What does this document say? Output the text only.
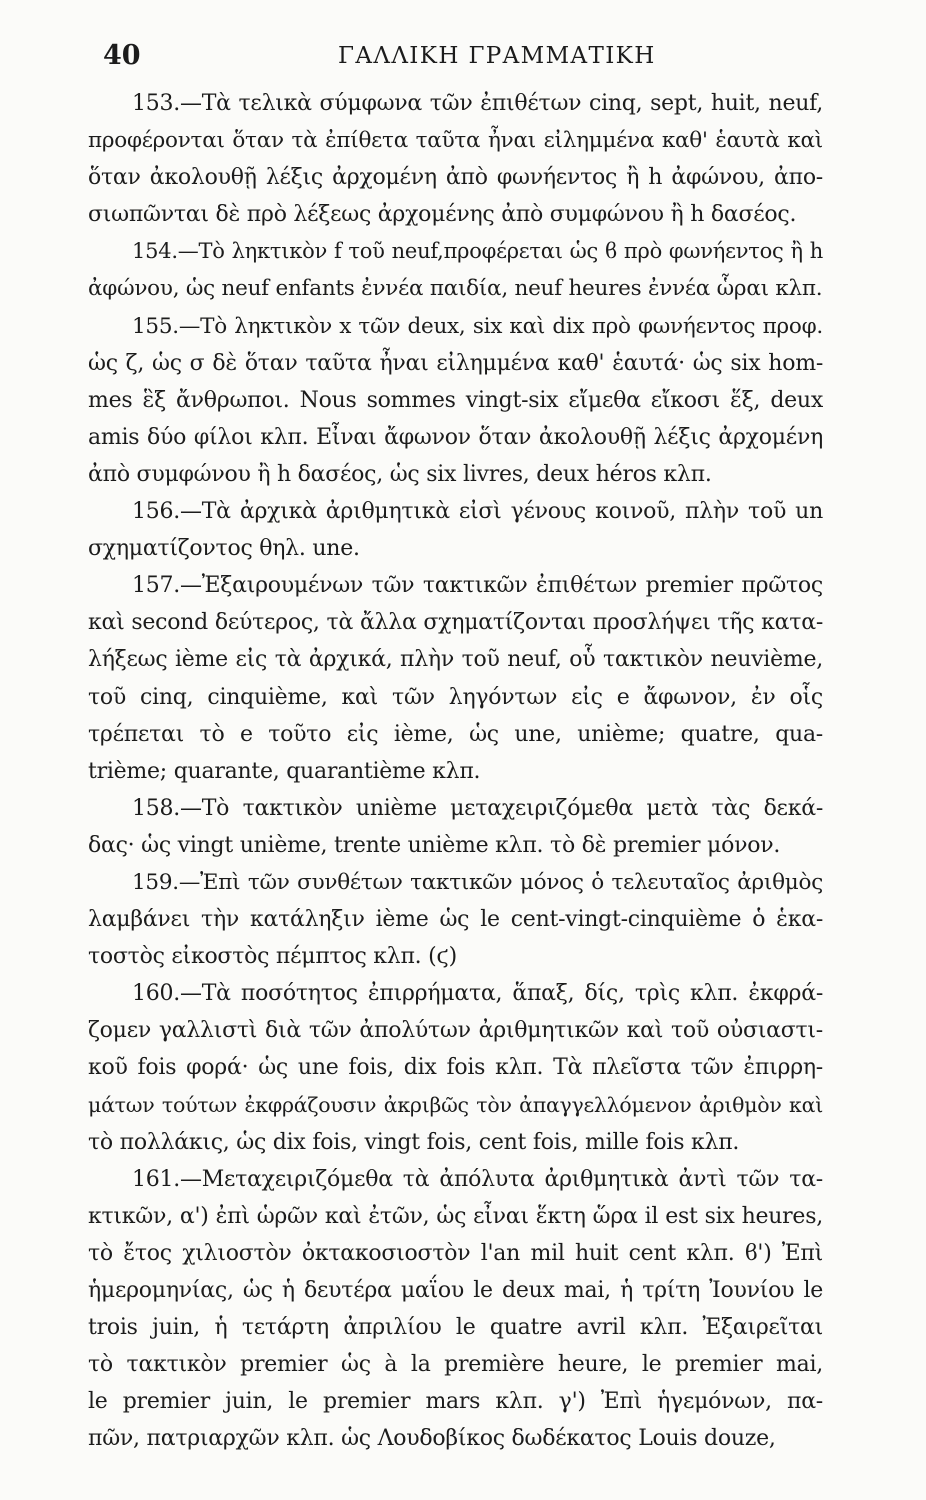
40	ΓΑΛΛΙΚΗ ΓΡΑΜΜΑΤΙΚΗ
153.—Τὰ τελικὰ σύμφωνα τῶν ἐπιθέτων cinq, sept, huit, neuf,
προφέρονται ὅταν τὰ ἐπίθετα ταῦτα ἦναι εἰλημμένα καθ' ἑαυτὰ καὶ
ὅταν ἀκολουθῇ λέξις ἀρχομένη ἀπὸ φωνήεντος ἢ h ἀφώνου, ἀπο-
σιωπῶνται δὲ πρὸ λέξεως ἀρχομένης ἀπὸ συμφώνου ἢ h δασέος.
154.—Τὸ ληκτικὸν f τοῦ neuf,προφέρεται ὡς ϐ πρὸ φωνήεντος ἢ h
ἀφώνου, ὡς neuf enfants ἐννέα παιδία, neuf heures ἐννέα ὧραι κλπ.
155.—Τὸ ληκτικὸν x τῶν deux, six καὶ dix πρὸ φωνήεντος προφ.
ὡς ζ, ὡς σ δὲ ὅταν ταῦτα ἦναι εἰλημμένα καθ' ἑαυτά· ὡς six hom-
mes ἓξ ἄνθρωποι. Nous sommes vingt-six εἴμεθα εἴκοσι ἕξ, deux
amis δύο φίλοι κλπ. Εἶναι ἄφωνον ὅταν ἀκολουθῇ λέξις ἀρχομένη
ἀπὸ συμφώνου ἢ h δασέος, ὡς six livres, deux héros κλπ.
156.—Τὰ ἀρχικὰ ἀριθμητικὰ εἰσὶ γένους κοινοῦ, πλὴν τοῦ un
σχηματίζοντος θηλ. une.
157.—Ἐξαιρουμένων τῶν τακτικῶν ἐπιθέτων premier πρῶτος
καὶ second δεύτερος, τὰ ἄλλα σχηματίζονται προσλήψει τῆς κατα-
λήξεως ième εἰς τὰ ἀρχικά, πλὴν τοῦ neuf, οὗ τακτικὸν neuvième,
τοῦ cinq, cinquième, καὶ τῶν ληγόντων εἰς e ἄφωνον, ἐν οἷς
τρέπεται τὸ e τοῦτο εἰς ième, ὡς une, unième; quatre, qua-
trième; quarante, quarantième κλπ.
158.—Τὸ τακτικὸν unième μεταχειριζόμεθα μετὰ τὰς δεκά-
δας· ὡς vingt unième, trente unième κλπ. τὸ δὲ premier μόνον.
159.—Ἐπὶ τῶν συνθέτων τακτικῶν μόνος ὁ τελευταῖος ἀριθμὸς
λαμβάνει τὴν κατάληξιν ième ὡς le cent-vingt-cinquième ὁ ἑκα-
τοστὸς εἰκοστὸς πέμπτος κλπ. (ϛ)
160.—Τὰ ποσότητος ἐπιρρήματα, ἅπαξ, δίς, τρὶς κλπ. ἐκφρά-
ζομεν γαλλιστὶ διὰ τῶν ἀπολύτων ἀριθμητικῶν καὶ τοῦ οὐσιαστι-
κοῦ fois φορά· ὡς une fois, dix fois κλπ. Τὰ πλεῖστα τῶν ἐπιρρη-
μάτων τούτων ἐκφράζουσιν ἀκριβῶς τὸν ἀπαγγελλόμενον ἀριθμὸν καὶ
τὸ πολλάκις, ὡς dix fois, vingt fois, cent fois, mille fois κλπ.
161.—Μεταχειριζόμεθα τὰ ἀπόλυτα ἀριθμητικὰ ἀντὶ τῶν τα-
κτικῶν, α') ἐπὶ ὡρῶν καὶ ἐτῶν, ὡς εἶναι ἕκτη ὥρα il est six heures,
τὸ ἔτος χιλιοστὸν ὀκτακοσιοστὸν l'an mil huit cent κλπ. ϐ') Ἐπὶ
ἡμερομηνίας, ὡς ἡ δευτέρα μαΐου le deux mai, ἡ τρίτη Ἰουνίου le
trois juin, ἡ τετάρτη ἀπριλίου le quatre avril κλπ. Ἐξαιρεῖται
τὸ τακτικὸν premier ὡς à la première heure, le premier mai,
le premier juin, le premier mars κλπ. γ') Ἐπὶ ἡγεμόνων, πα-
πῶν, πατριαρχῶν κλπ. ὡς Λουδοβίκος δωδέκατος Louis douze,
